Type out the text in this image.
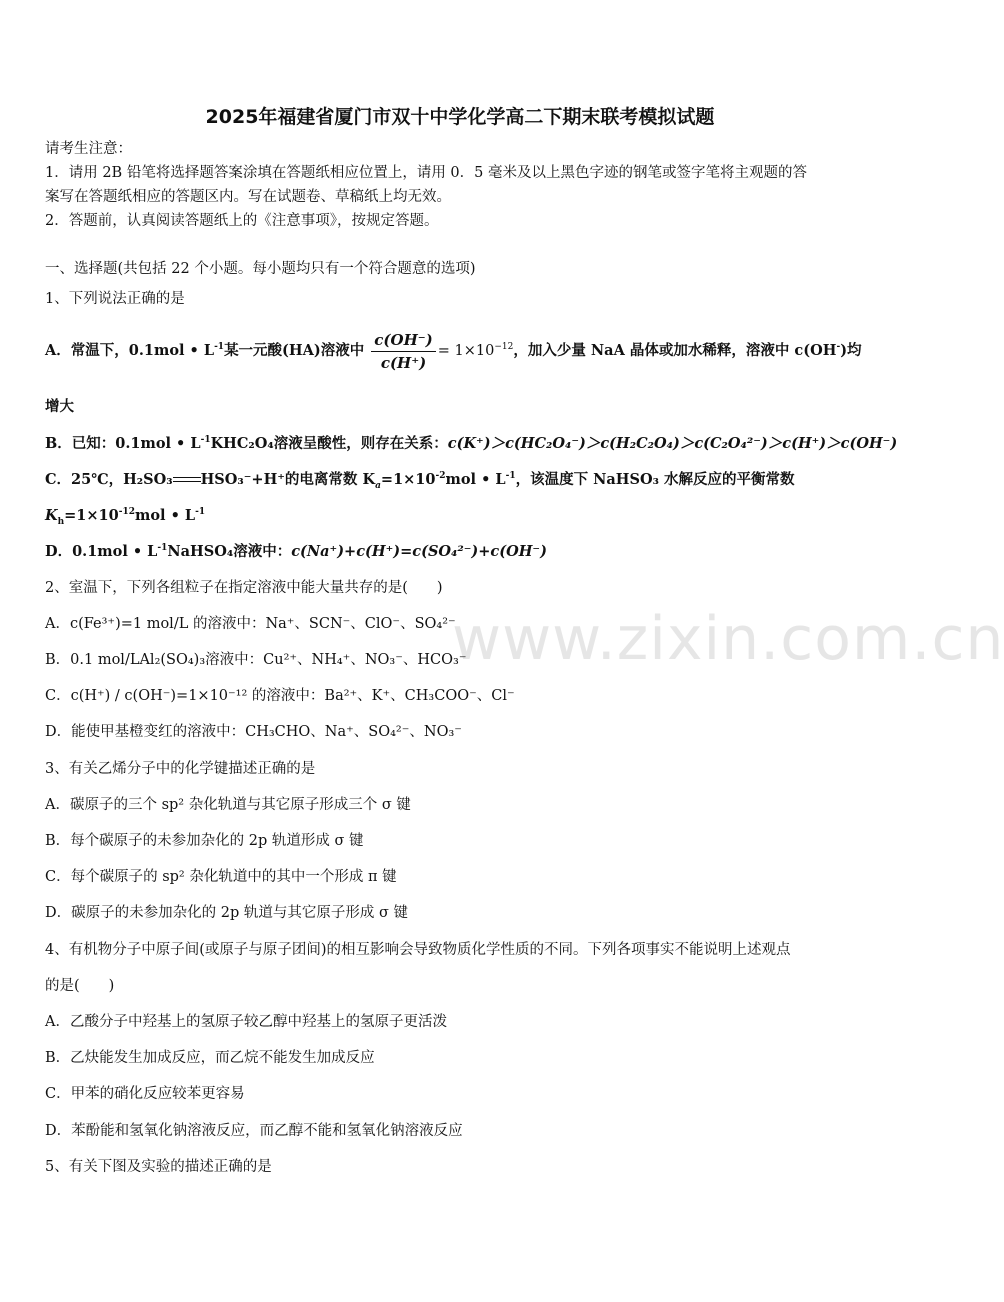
www.zixin.com.cn
2025年福建省厦门市双十中学化学高二下期末联考模拟试题
请考生注意：
1．请用 2B 铅笔将选择题答案涂填在答题纸相应位置上，请用 0．5 毫米及以上黑色字迹的钢笔或签字笔将主观题的答
案写在答题纸相应的答题区内。写在试题卷、草稿纸上均无效。
2．答题前，认真阅读答题纸上的《注意事项》，按规定答题。
一、选择题(共包括 22 个小题。每小题均只有一个符合题意的选项)
1、下列说法正确的是
A．常温下，0.1mol • $L^{-1}$某一元酸(HA)溶液中 $\frac{c(OH^-)}{c(H^+)} = 1\times 10^{-12}$，加入少量 NaA 晶体或加水稀释，溶液中 c(OH-)均
增大
B．已知：0.1mol • $L^{-1}KHC_2O_4$溶液呈酸性，则存在关系：c(K⁺)＞c(HC₂O₄⁻)＞c(H₂C₂O₄)＞c(C₂O₄²⁻)＞c(H⁺)＞c(OH⁻)
C．25℃，H₂SO₃ HSO₃⁻+H⁺的电离常数 $K_a=1\times 10^{-2}mol$ • $L^{-1}$，该温度下 NaHSO₃ 水解反应的平衡常数
$K_h=1\times 10^{-12}mol$ • $L^{-1}$
D．0.1mol • $L^{-1}NaHSO_4$溶液中：c(Na⁺)+c(H⁺)=c(SO₄²⁻)+c(OH⁻)
2、室温下，下列各组粒子在指定溶液中能大量共存的是(　　)
A．c(Fe³⁺)=1 mol/L 的溶液中：Na⁺、SCN⁻、ClO⁻、SO₄²⁻
B．0.1 mol/LAl₂(SO₄)₃溶液中：Cu²⁺、NH₄⁺、NO₃⁻、HCO₃⁻
C．c(H⁺) / c(OH⁻)=1×10⁻¹² 的溶液中：Ba²⁺、K⁺、CH₃COO⁻、Cl⁻
D．能使甲基橙变红的溶液中：CH₃CHO、Na⁺、SO₄²⁻、NO₃⁻
3、有关乙烯分子中的化学键描述正确的是
A．碳原子的三个 sp² 杂化轨道与其它原子形成三个 σ 键
B．每个碳原子的未参加杂化的 2p 轨道形成 σ 键
C．每个碳原子的 sp² 杂化轨道中的其中一个形成 π 键
D．碳原子的未参加杂化的 2p 轨道与其它原子形成 σ 键
4、有机物分子中原子间(或原子与原子团间)的相互影响会导致物质化学性质的不同。下列各项事实不能说明上述观点
的是(　　)
A．乙酸分子中羟基上的氢原子较乙醇中羟基上的氢原子更活泼
B．乙炔能发生加成反应，而乙烷不能发生加成反应
C．甲苯的硝化反应较苯更容易
D．苯酚能和氢氧化钠溶液反应，而乙醇不能和氢氧化钠溶液反应
5、有关下图及实验的描述正确的是
